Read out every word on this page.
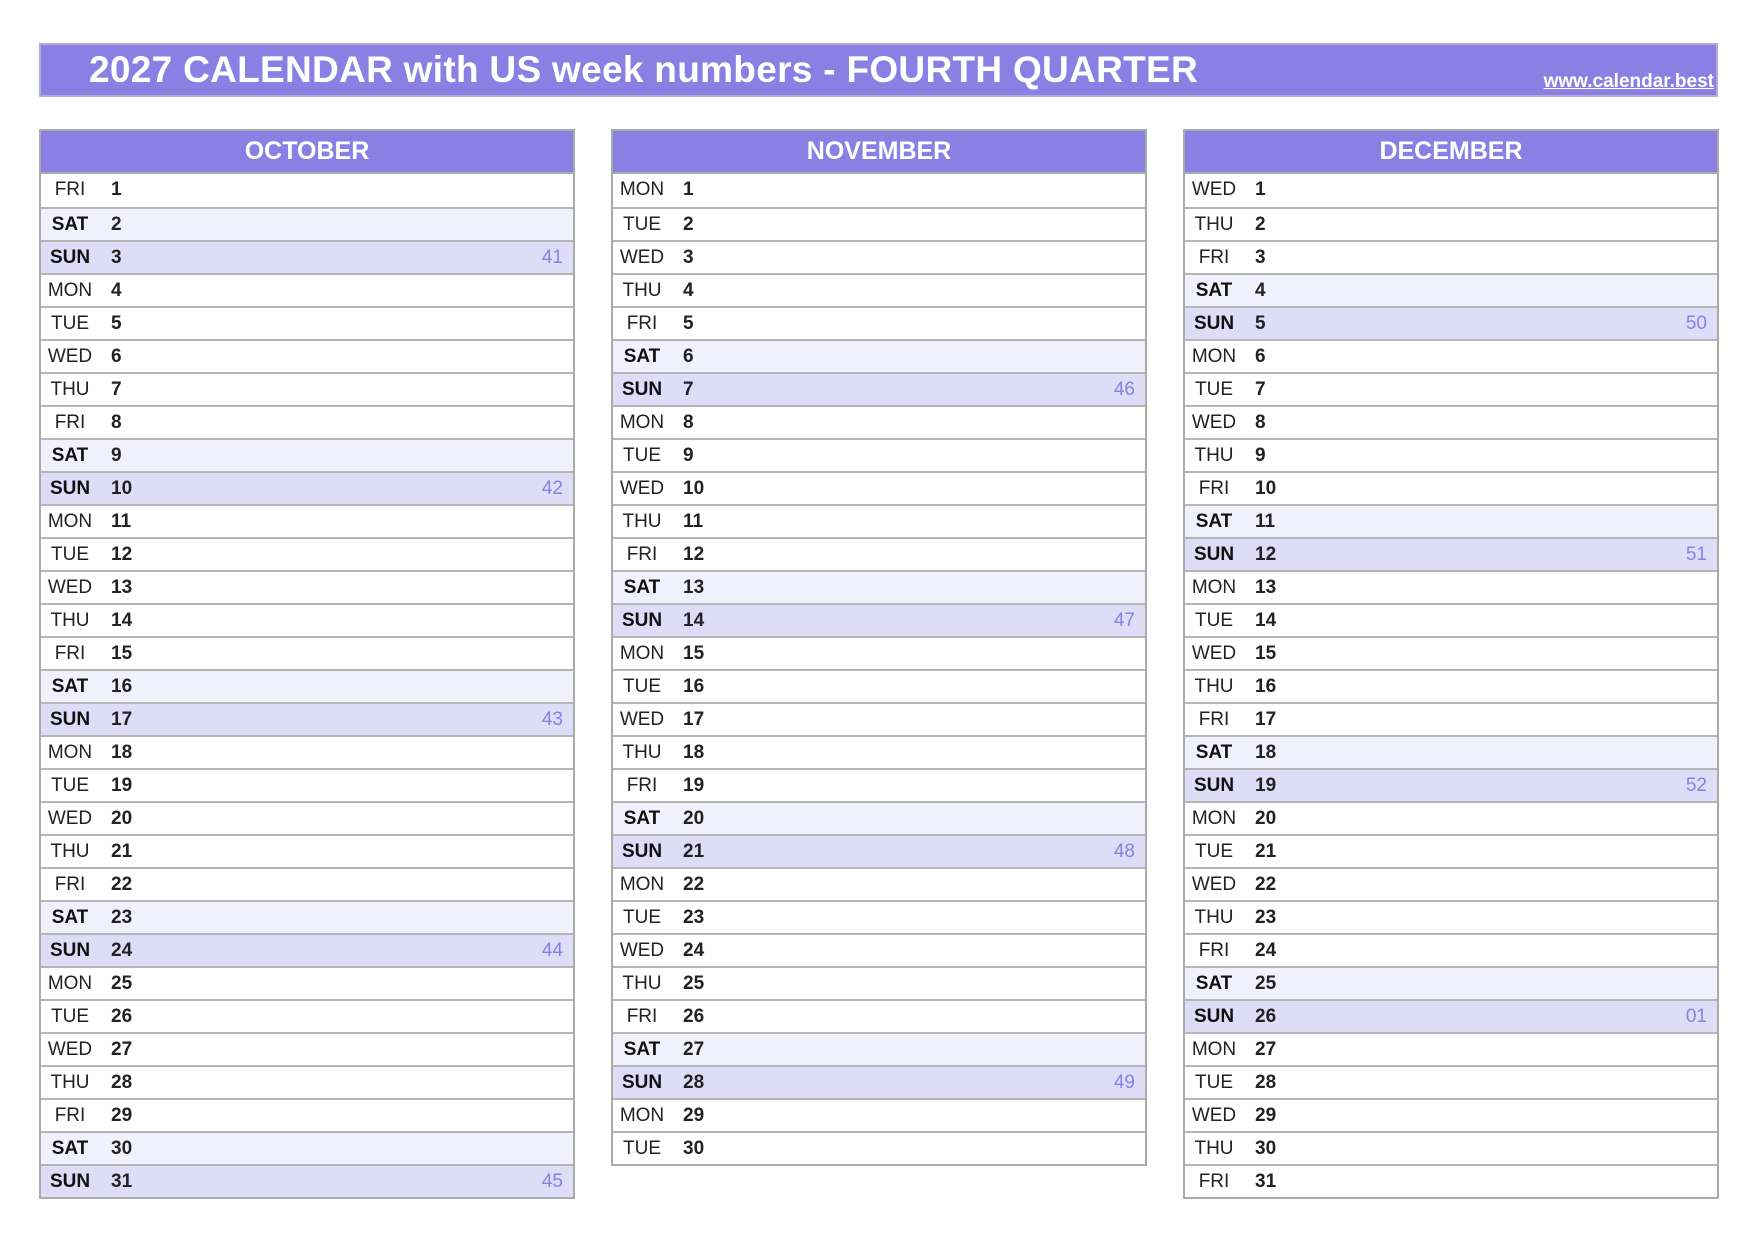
2027 CALENDAR with US week numbers - FOURTH QUARTER	www.calendar.best
OCTOBER
FRI	1
SAT	2
SUN	3	41
MON 4
TUE	5
WED 6
THU	7
FRI	8
SAT	9
SUN	10	42
MON 11
TUE	12
WED 13
THU	14
FRI	15
SAT	16
SUN	17	43
MON 18
TUE	19
WED 20
THU	21
FRI	22
SAT	23
SUN	24	44
MON 25
TUE	26
WED 27
THU	28
FRI	29
SAT	30
SUN	31	45
NOVEMBER
MON 1
TUE	2
WED 3
THU	4
FRI	5
SAT	6
SUN	7	46
MON 8
TUE	9
WED 10
THU	11
FRI	12
SAT	13
SUN	14	47
MON 15
TUE	16
WED 17
THU	18
FRI	19
SAT	20
SUN	21	48
MON 22
TUE	23
WED 24
THU	25
FRI	26
SAT	27
SUN	28	49
MON 29
TUE	30
DECEMBER
WED 1
THU	2
FRI	3
SAT	4
SUN	5	50
MON 6
TUE	7
WED 8
THU	9
FRI	10
SAT	11
SUN	12	51
MON 13
TUE	14
WED 15
THU	16
FRI	17
SAT	18
SUN	19	52
MON 20
TUE	21
WED 22
THU	23
FRI	24
SAT	25
SUN	26	01
MON 27
TUE	28
WED 29
THU	30
FRI	31
